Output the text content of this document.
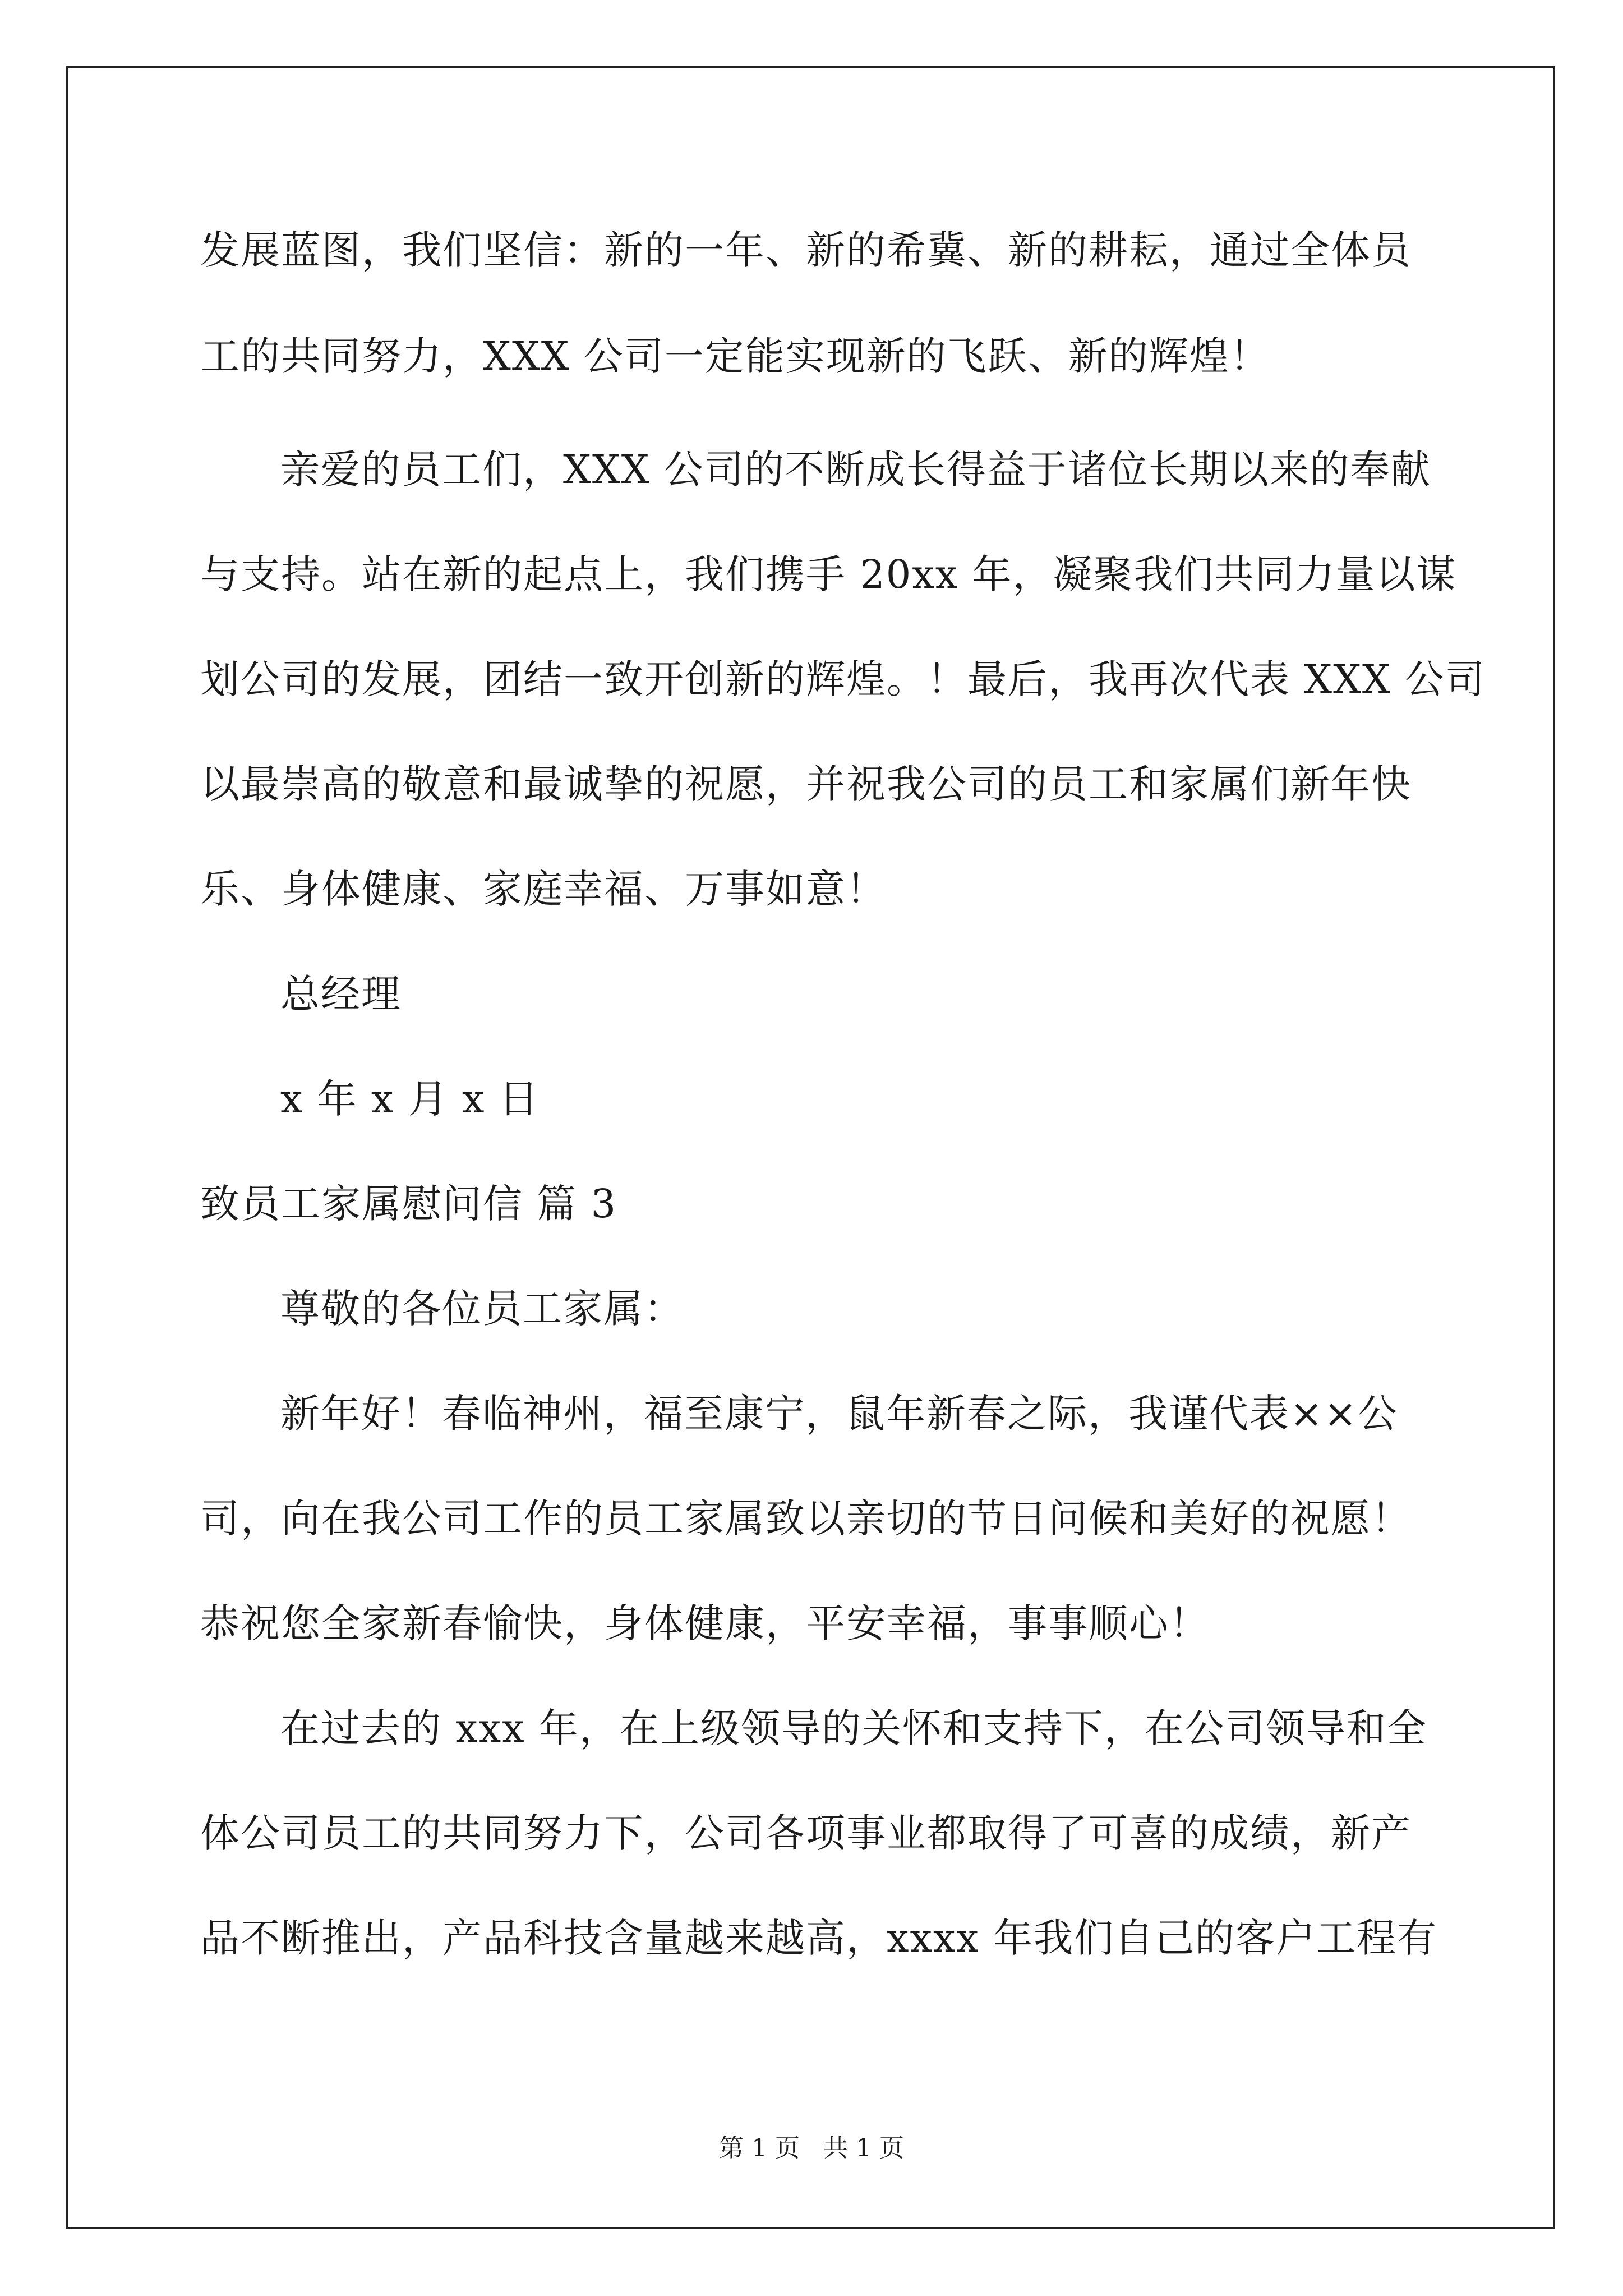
发展蓝图，我们坚信：新的一年、新的希冀、新的耕耘，通过全体员
工的共同努力，XXX 公司一定能实现新的飞跃、新的辉煌！
亲爱的员工们，XXX 公司的不断成长得益于诸位长期以来的奉献
与支持。站在新的起点上，我们携手 20xx 年，凝聚我们共同力量以谋
划公司的发展，团结一致开创新的辉煌。！最后，我再次代表 XXX 公司
以最崇高的敬意和最诚挚的祝愿，并祝我公司的员工和家属们新年快
乐、身体健康、家庭幸福、万事如意！
总经理
x 年 x 月 x 日
致员工家属慰问信 篇 3
尊敬的各位员工家属：
新年好！春临神州，福至康宁，鼠年新春之际，我谨代表××公
司，向在我公司工作的员工家属致以亲切的节日问候和美好的祝愿！
恭祝您全家新春愉快，身体健康，平安幸福，事事顺心！
在过去的 xxx 年，在上级领导的关怀和支持下，在公司领导和全
体公司员工的共同努力下，公司各项事业都取得了可喜的成绩，新产
品不断推出，产品科技含量越来越高，xxxx 年我们自己的客户工程有
第 1 页   共 1 页
